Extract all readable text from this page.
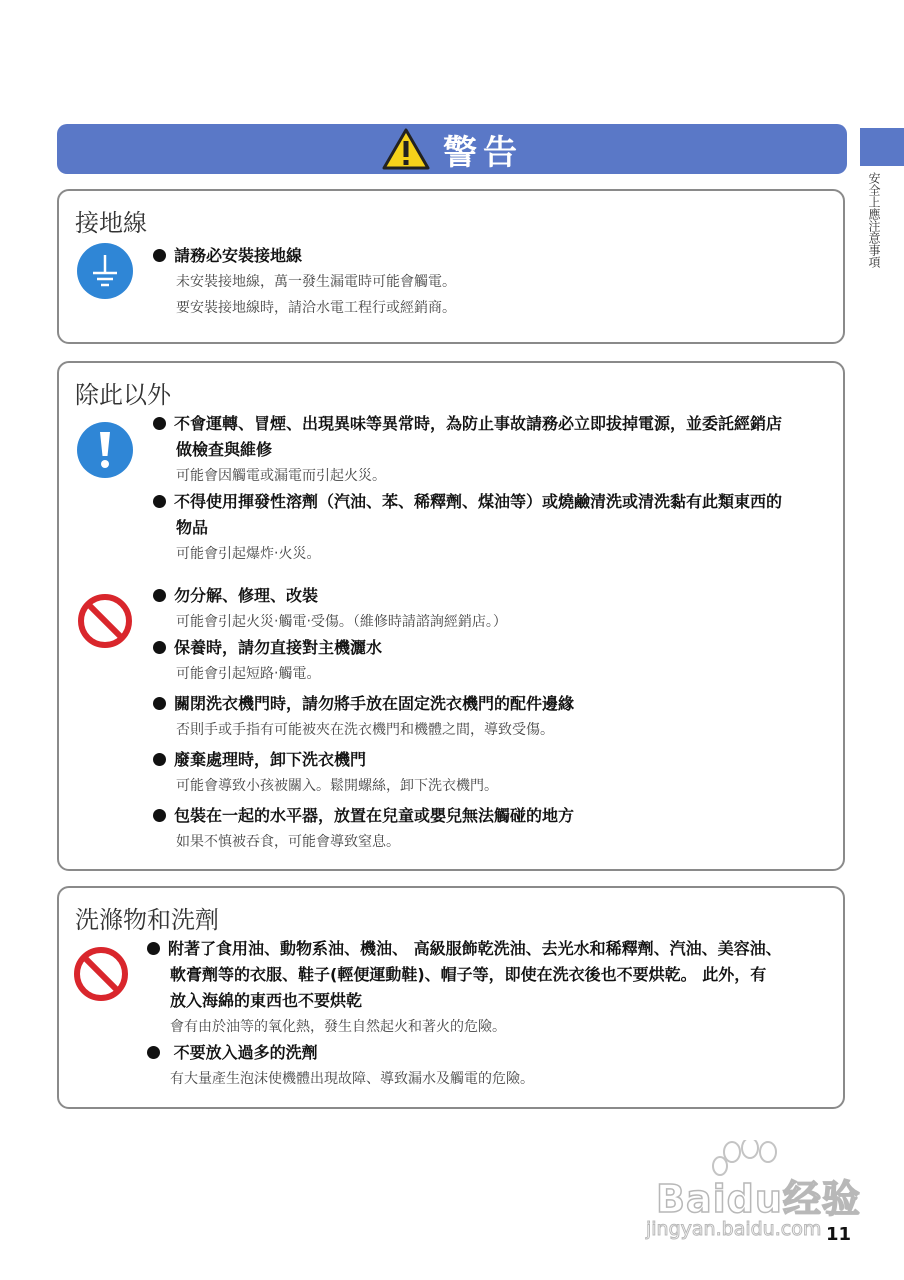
警告
安全上應注意事項
接地線
請務必安裝接地線
未安裝接地線，萬一發生漏電時可能會觸電。
要安裝接地線時，請洽水電工程行或經銷商。
除此以外
不會運轉、冒煙、出現異味等異常時，為防止事故請務必立即拔掉電源，並委託經銷店
做檢查與維修
可能會因觸電或漏電而引起火災。
不得使用揮發性溶劑（汽油、苯、稀釋劑、煤油等）或燒鹼清洗或清洗黏有此類東西的
物品
可能會引起爆炸‧火災。
勿分解、修理、改裝
可能會引起火災‧觸電‧受傷。（維修時請諮詢經銷店。）
保養時，請勿直接對主機灑水
可能會引起短路‧觸電。
關閉洗衣機門時，請勿將手放在固定洗衣機門的配件邊緣
否則手或手指有可能被夾在洗衣機門和機體之間，導致受傷。
廢棄處理時，卸下洗衣機門
可能會導致小孩被關入。鬆開螺絲，卸下洗衣機門。
包裝在一起的水平器，放置在兒童或嬰兒無法觸碰的地方
如果不慎被吞食，可能會導致窒息。
洗滌物和洗劑
附著了食用油、動物系油、機油、 高級服飾乾洗油、去光水和稀釋劑、汽油、美容油、
軟膏劑等的衣服、鞋子(輕便運動鞋)、帽子等，即使在洗衣後也不要烘乾。 此外，有
放入海綿的東西也不要烘乾
會有由於油等的氧化熱，發生自然起火和著火的危險。
不要放入過多的洗劑
有大量產生泡沫使機體出現故障、導致漏水及觸電的危險。
Baidu经验
jingyan.baidu.com 11
